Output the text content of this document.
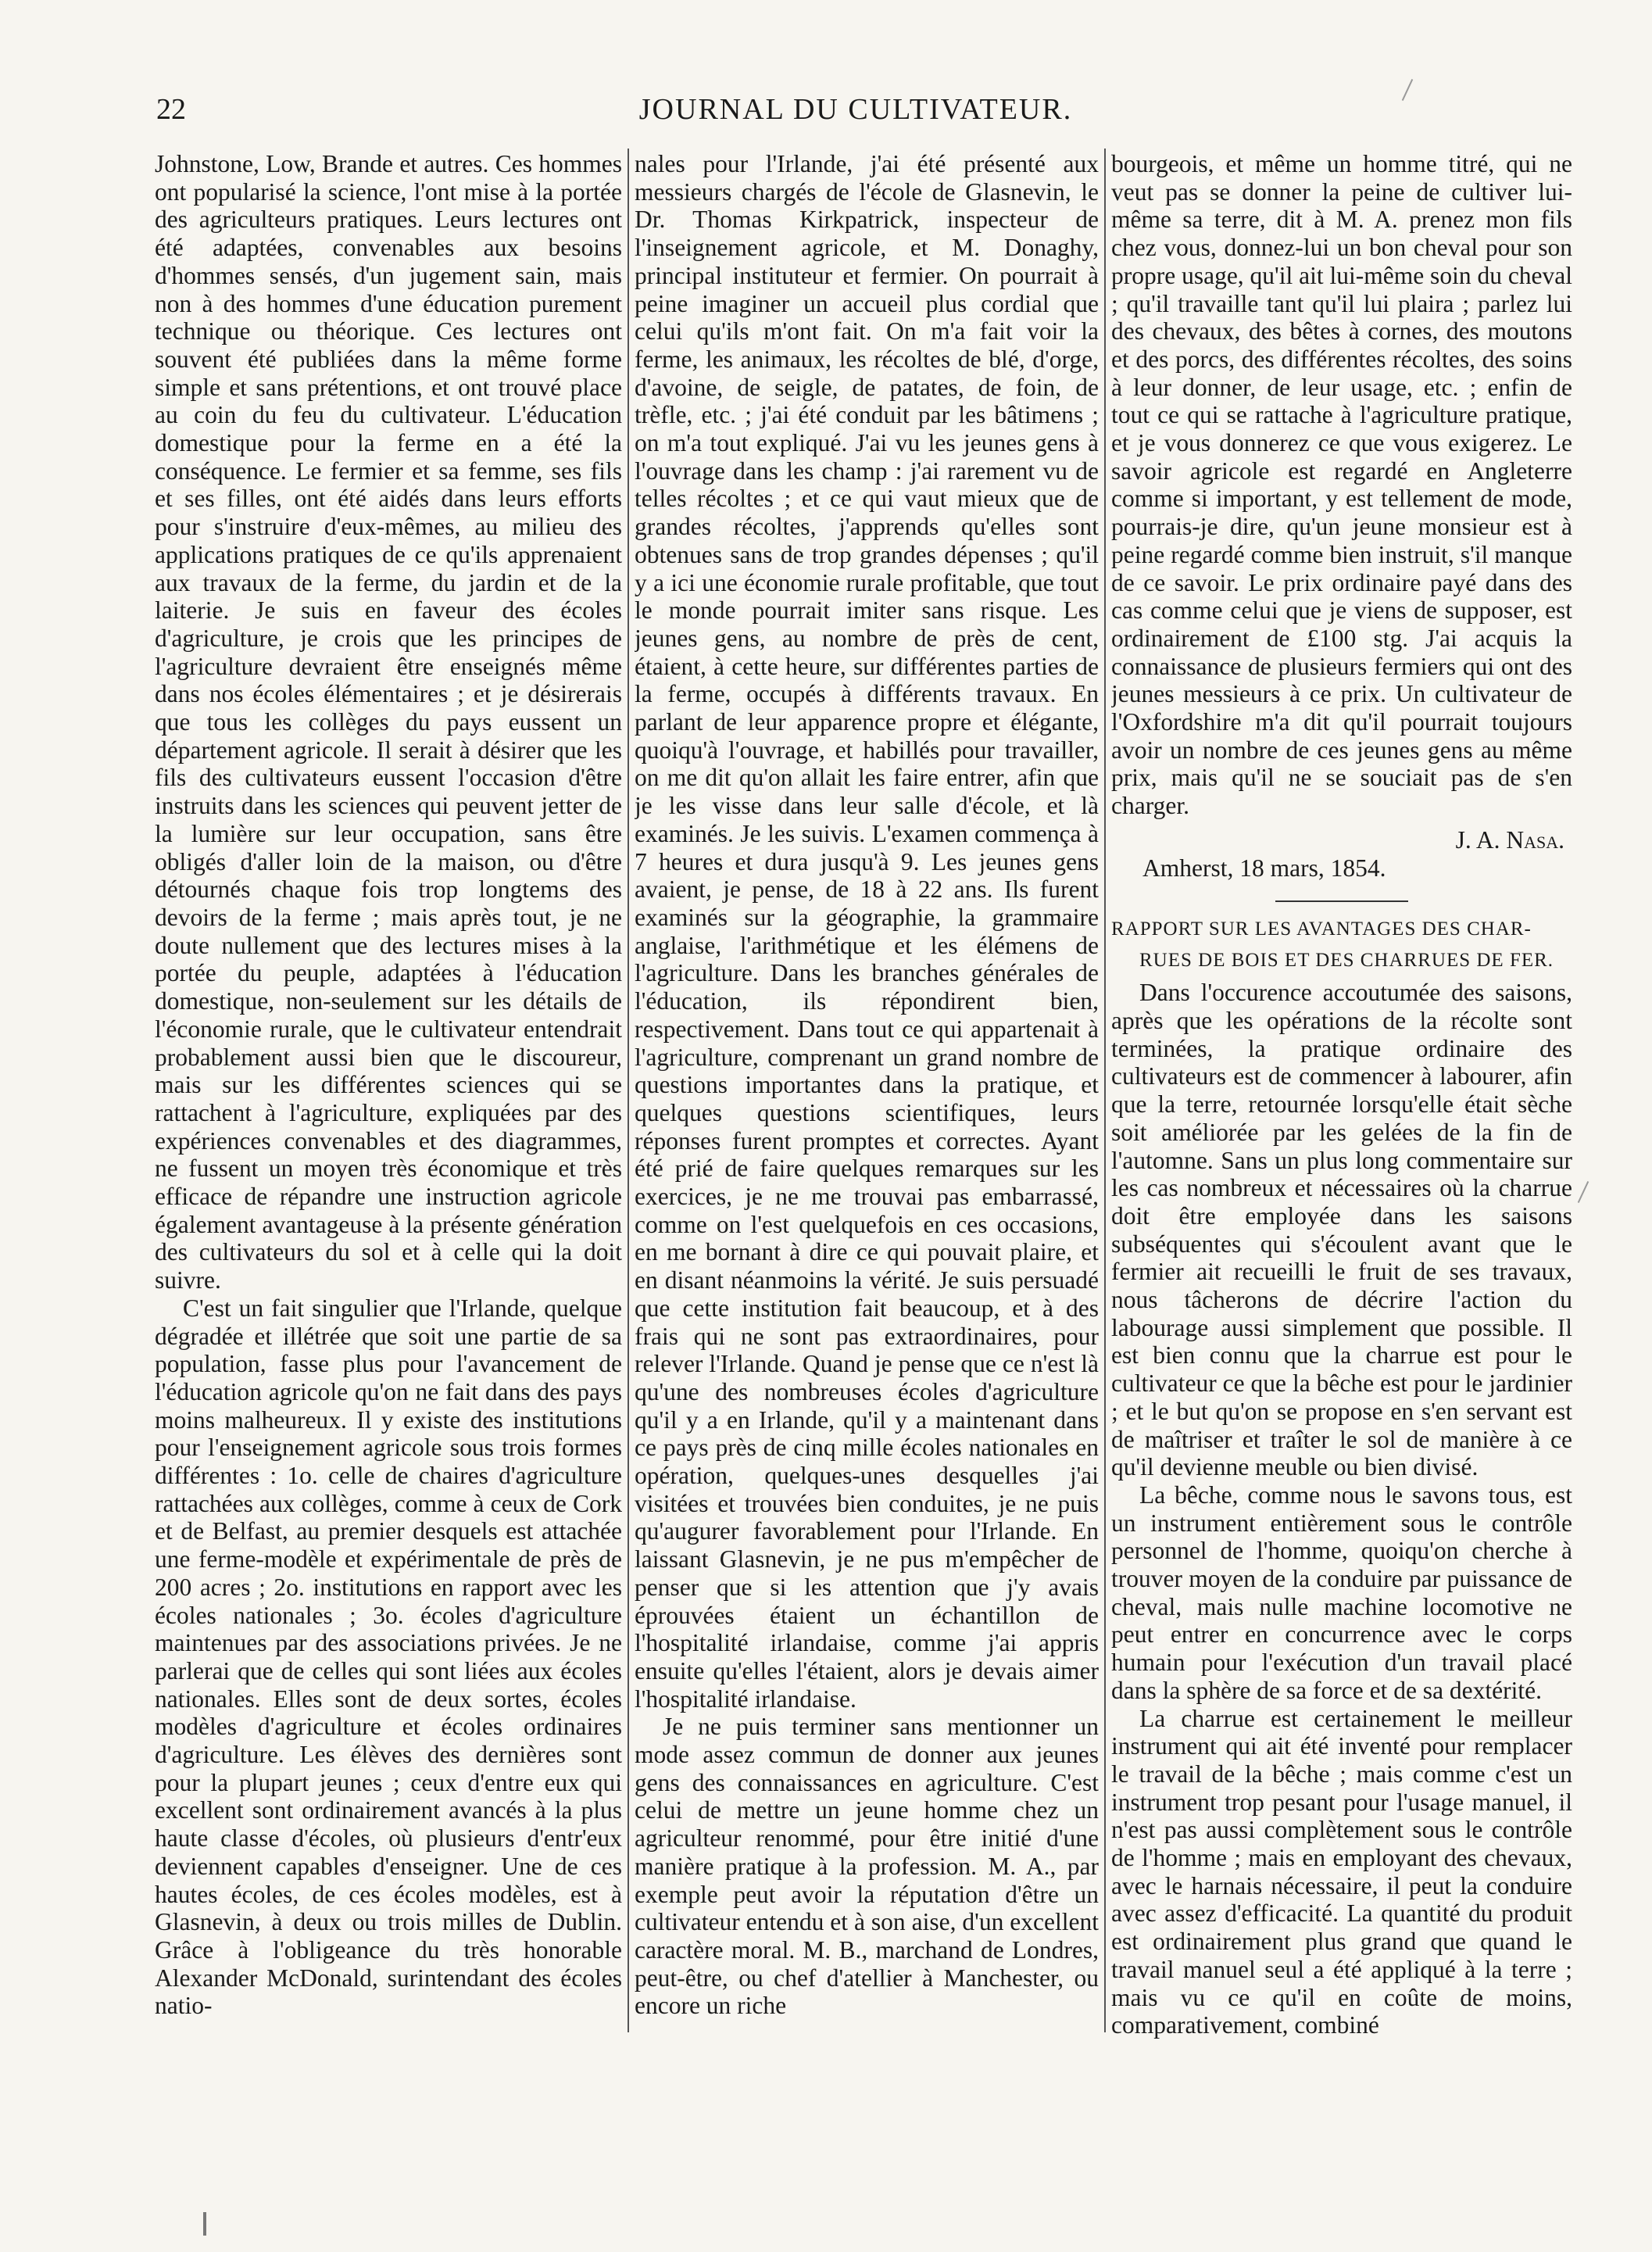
22	JOURNAL DU CULTIVATEUR.

Johnstone, Low, Brande et autres. Ces hommes ont popularisé la science, l'ont mise à la portée des agriculteurs pratiques. Leurs lectures ont été adaptées, convenables aux besoins d'hommes sensés, d'un jugement sain, mais non à des hommes d'une éducation purement technique ou théorique. Ces lectures ont souvent été publiées dans la même forme simple et sans prétentions, et ont trouvé place au coin du feu du cultivateur. L'éducation domestique pour la ferme en a été la conséquence. Le fermier et sa femme, ses fils et ses filles, ont été aidés dans leurs efforts pour s'instruire d'eux-mêmes, au milieu des applications pratiques de ce qu'ils apprenaient aux travaux de la ferme, du jardin et de la laiterie. Je suis en faveur des écoles d'agriculture, je crois que les principes de l'agriculture devraient être enseignés même dans nos écoles élémentaires ; et je désirerais que tous les collèges du pays eussent un département agricole. Il serait à désirer que les fils des cultivateurs eussent l'occasion d'être instruits dans les sciences qui peuvent jetter de la lumière sur leur occupation, sans être obligés d'aller loin de la maison, ou d'être détournés chaque fois trop longtems des devoirs de la ferme ; mais après tout, je ne doute nullement que des lectures mises à la portée du peuple, adaptées à l'éducation domestique, non-seulement sur les détails de l'économie rurale, que le cultivateur entendrait probablement aussi bien que le discoureur, mais sur les différentes sciences qui se rattachent à l'agriculture, expliquées par des expériences convenables et des diagrammes, ne fussent un moyen très économique et très efficace de répandre une instruction agricole également avantageuse à la présente génération des cultivateurs du sol et à celle qui la doit suivre.

C'est un fait singulier que l'Irlande, quelque dégradée et illétrée que soit une partie de sa population, fasse plus pour l'avancement de l'éducation agricole qu'on ne fait dans des pays moins malheureux. Il y existe des institutions pour l'enseignement agricole sous trois formes différentes : 1o. celle de chaires d'agriculture rattachées aux collèges, comme à ceux de Cork et de Belfast, au premier desquels est attachée une ferme-modèle et expérimentale de près de 200 acres ; 2o. institutions en rapport avec les écoles nationales ; 3o. écoles d'agriculture maintenues par des associations privées. Je ne parlerai que de celles qui sont liées aux écoles nationales. Elles sont de deux sortes, écoles modèles d'agriculture et écoles ordinaires d'agriculture. Les élèves des dernières sont pour la plupart jeunes ; ceux d'entre eux qui excellent sont ordinairement avancés à la plus haute classe d'écoles, où plusieurs d'entr'eux deviennent capables d'enseigner. Une de ces hautes écoles, de ces écoles modèles, est à Glasnevin, à deux ou trois milles de Dublin. Grâce à l'obligeance du très honorable Alexander McDonald, surintendant des écoles natio-

nales pour l'Irlande, j'ai été présenté aux messieurs chargés de l'école de Glasnevin, le Dr. Thomas Kirkpatrick, inspecteur de l'inseignement agricole, et M. Donaghy, principal instituteur et fermier. On pourrait à peine imaginer un accueil plus cordial que celui qu'ils m'ont fait. On m'a fait voir la ferme, les animaux, les récoltes de blé, d'orge, d'avoine, de seigle, de patates, de foin, de trèfle, etc. ; j'ai été conduit par les bâtimens ; on m'a tout expliqué. J'ai vu les jeunes gens à l'ouvrage dans les champ : j'ai rarement vu de telles récoltes ; et ce qui vaut mieux que de grandes récoltes, j'apprends qu'elles sont obtenues sans de trop grandes dépenses ; qu'il y a ici une économie rurale profitable, que tout le monde pourrait imiter sans risque. Les jeunes gens, au nombre de près de cent, étaient, à cette heure, sur différentes parties de la ferme, occupés à différents travaux. En parlant de leur apparence propre et élégante, quoiqu'à l'ouvrage, et habillés pour travailler, on me dit qu'on allait les faire entrer, afin que je les visse dans leur salle d'école, et là examinés. Je les suivis. L'examen commença à 7 heures et dura jusqu'à 9. Les jeunes gens avaient, je pense, de 18 à 22 ans. Ils furent examinés sur la géographie, la grammaire anglaise, l'arithmétique et les élémens de l'agriculture. Dans les branches générales de l'éducation, ils répondirent bien, respectivement. Dans tout ce qui appartenait à l'agriculture, comprenant un grand nombre de questions importantes dans la pratique, et quelques questions scientifiques, leurs réponses furent promptes et correctes. Ayant été prié de faire quelques remarques sur les exercices, je ne me trouvai pas embarrassé, comme on l'est quelquefois en ces occasions, en me bornant à dire ce qui pouvait plaire, et en disant néanmoins la vérité. Je suis persuadé que cette institution fait beaucoup, et à des frais qui ne sont pas extraordinaires, pour relever l'Irlande. Quand je pense que ce n'est là qu'une des nombreuses écoles d'agriculture qu'il y a en Irlande, qu'il y a maintenant dans ce pays près de cinq mille écoles nationales en opération, quelques-unes desquelles j'ai visitées et trouvées bien conduites, je ne puis qu'augurer favorablement pour l'Irlande. En laissant Glasnevin, je ne pus m'empêcher de penser que si les attention que j'y avais éprouvées étaient un échantillon de l'hospitalité irlandaise, comme j'ai appris ensuite qu'elles l'étaient, alors je devais aimer l'hospitalité irlandaise.

Je ne puis terminer sans mentionner un mode assez commun de donner aux jeunes gens des connaissances en agriculture. C'est celui de mettre un jeune homme chez un agriculteur renommé, pour être initié d'une manière pratique à la profession. M. A., par exemple peut avoir la réputation d'être un cultivateur entendu et à son aise, d'un excellent caractère moral. M. B., marchand de Londres, peut-être, ou chef d'atellier à Manchester, ou encore un riche

bourgeois, et même un homme titré, qui ne veut pas se donner la peine de cultiver lui-même sa terre, dit à M. A. prenez mon fils chez vous, donnez-lui un bon cheval pour son propre usage, qu'il ait lui-même soin du cheval ; qu'il travaille tant qu'il lui plaira ; parlez lui des chevaux, des bêtes à cornes, des moutons et des porcs, des différentes récoltes, des soins à leur donner, de leur usage, etc. ; enfin de tout ce qui se rattache à l'agriculture pratique, et je vous donnerez ce que vous exigerez. Le savoir agricole est regardé en Angleterre comme si important, y est tellement de mode, pourrais-je dire, qu'un jeune monsieur est à peine regardé comme bien instruit, s'il manque de ce savoir. Le prix ordinaire payé dans des cas comme celui que je viens de supposer, est ordinairement de £100 stg. J'ai acquis la connaissance de plusieurs fermiers qui ont des jeunes messieurs à ce prix. Un cultivateur de l'Oxfordshire m'a dit qu'il pourrait toujours avoir un nombre de ces jeunes gens au même prix, mais qu'il ne se souciait pas de s'en charger.

J. A. Nasa.

Amherst, 18 mars, 1854.

RAPPORT SUR LES AVANTAGES DES CHAR-

RUES DE BOIS ET DES CHARRUES DE FER.

Dans l'occurence accoutumée des saisons, après que les opérations de la récolte sont terminées, la pratique ordinaire des cultivateurs est de commencer à labourer, afin que la terre, retournée lorsqu'elle était sèche soit améliorée par les gelées de la fin de l'automne. Sans un plus long commentaire sur les cas nombreux et nécessaires où la charrue doit être employée dans les saisons subséquentes qui s'écoulent avant que le fermier ait recueilli le fruit de ses travaux, nous tâcherons de décrire l'action du labourage aussi simplement que possible. Il est bien connu que la charrue est pour le cultivateur ce que la bêche est pour le jardinier ; et le but qu'on se propose en s'en servant est de maîtriser et traîter le sol de manière à ce qu'il devienne meuble ou bien divisé.

La bêche, comme nous le savons tous, est un instrument entièrement sous le contrôle personnel de l'homme, quoiqu'on cherche à trouver moyen de la conduire par puissance de cheval, mais nulle machine locomotive ne peut entrer en concurrence avec le corps humain pour l'exécution d'un travail placé dans la sphère de sa force et de sa dextérité.

La charrue est certainement le meilleur instrument qui ait été inventé pour remplacer le travail de la bêche ; mais comme c'est un instrument trop pesant pour l'usage manuel, il n'est pas aussi complètement sous le contrôle de l'homme ; mais en employant des chevaux, avec le harnais nécessaire, il peut la conduire avec assez d'efficacité. La quantité du produit est ordinairement plus grand que quand le travail manuel seul a été appliqué à la terre ; mais vu ce qu'il en coûte de moins, comparativement, combiné
